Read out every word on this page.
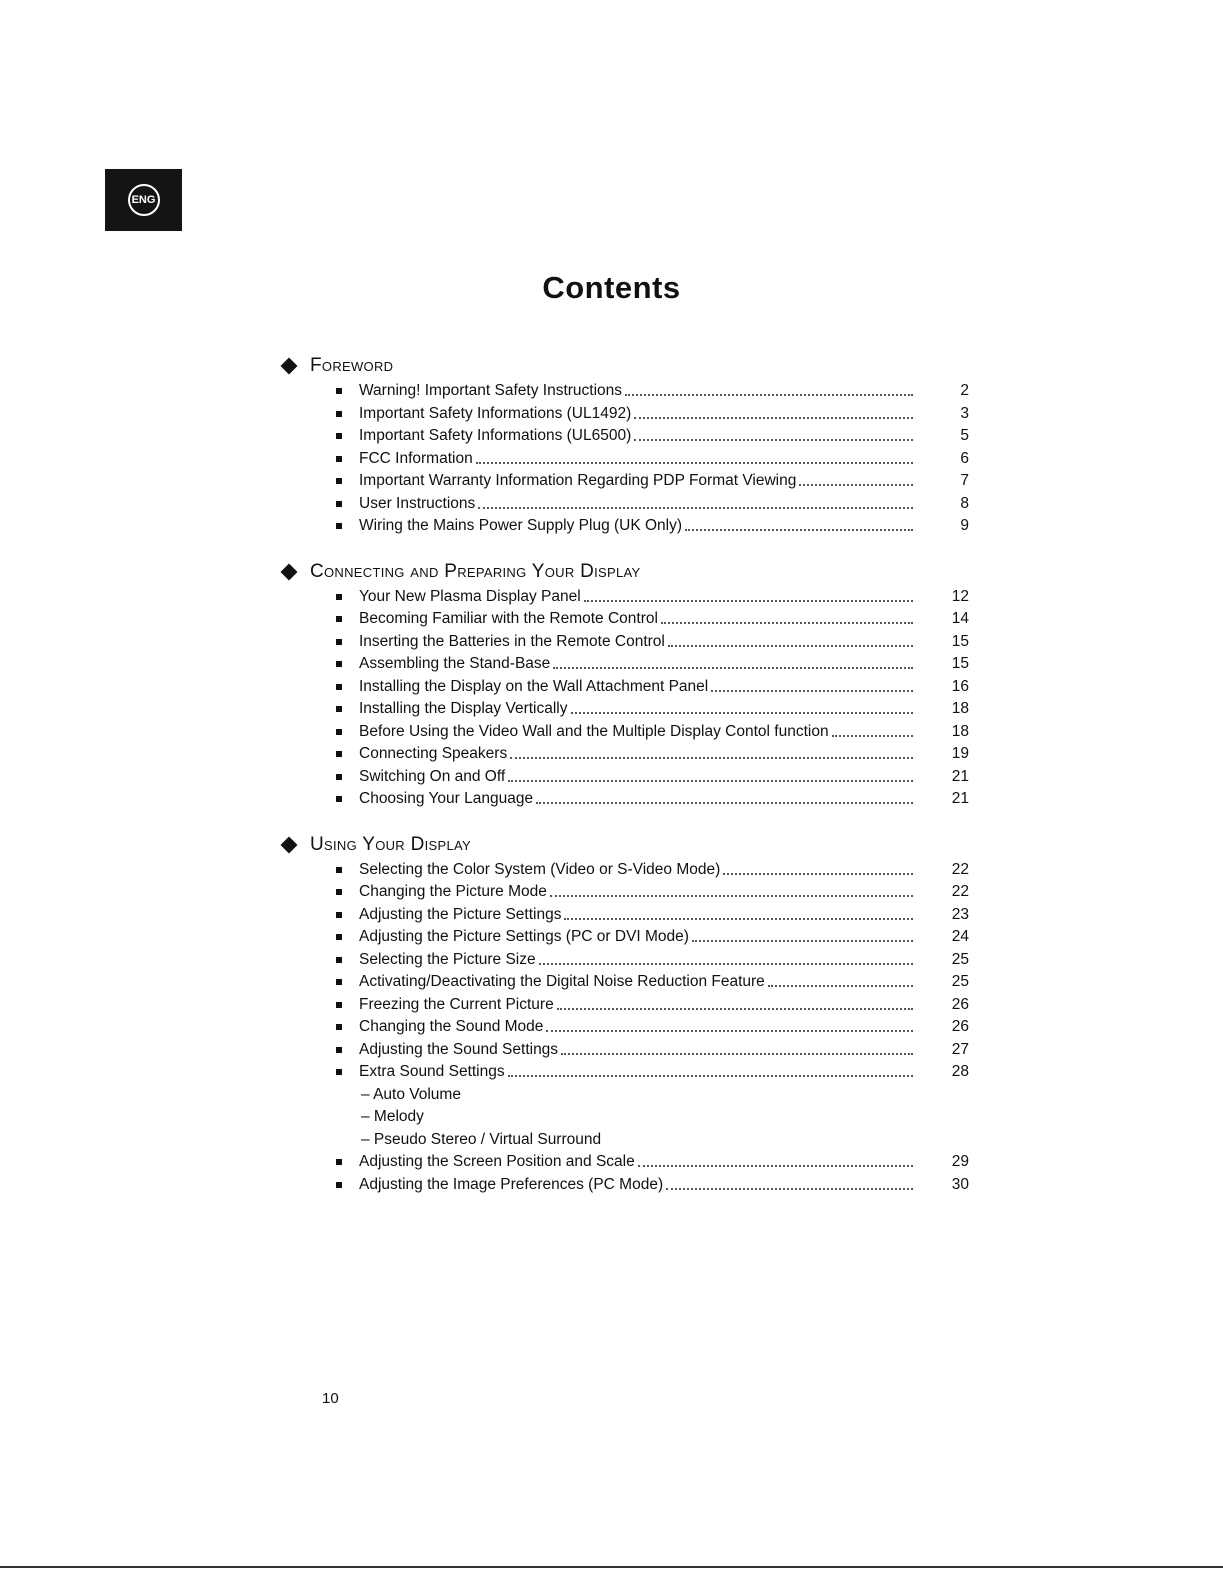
ENG
Contents
Foreword
Warning! Important Safety Instructions	2
Important Safety Informations (UL1492)	3
Important Safety Informations (UL6500)	5
FCC Information	6
Important Warranty Information Regarding PDP Format Viewing	7
User Instructions	8
Wiring the Mains Power Supply Plug (UK Only)	9
Connecting and Preparing Your Display
Your New Plasma Display Panel	12
Becoming Familiar with the Remote Control	14
Inserting the Batteries in the Remote Control	15
Assembling the Stand-Base	15
Installing the Display on the Wall Attachment Panel	16
Installing the Display Vertically	18
Before Using the Video Wall and the Multiple Display Contol function	18
Connecting Speakers	19
Switching On and Off	21
Choosing Your Language	21
Using Your Display
Selecting the Color System (Video or S-Video Mode)	22
Changing the Picture Mode	22
Adjusting the Picture Settings	23
Adjusting the Picture Settings (PC or DVI Mode)	24
Selecting the Picture Size	25
Activating/Deactivating the Digital Noise Reduction Feature	25
Freezing the Current Picture	26
Changing the Sound Mode	26
Adjusting the Sound Settings	27
Extra Sound Settings	28
– Auto Volume
– Melody
– Pseudo Stereo / Virtual Surround
Adjusting the Screen Position and Scale	29
Adjusting the Image Preferences (PC Mode)	30
10
